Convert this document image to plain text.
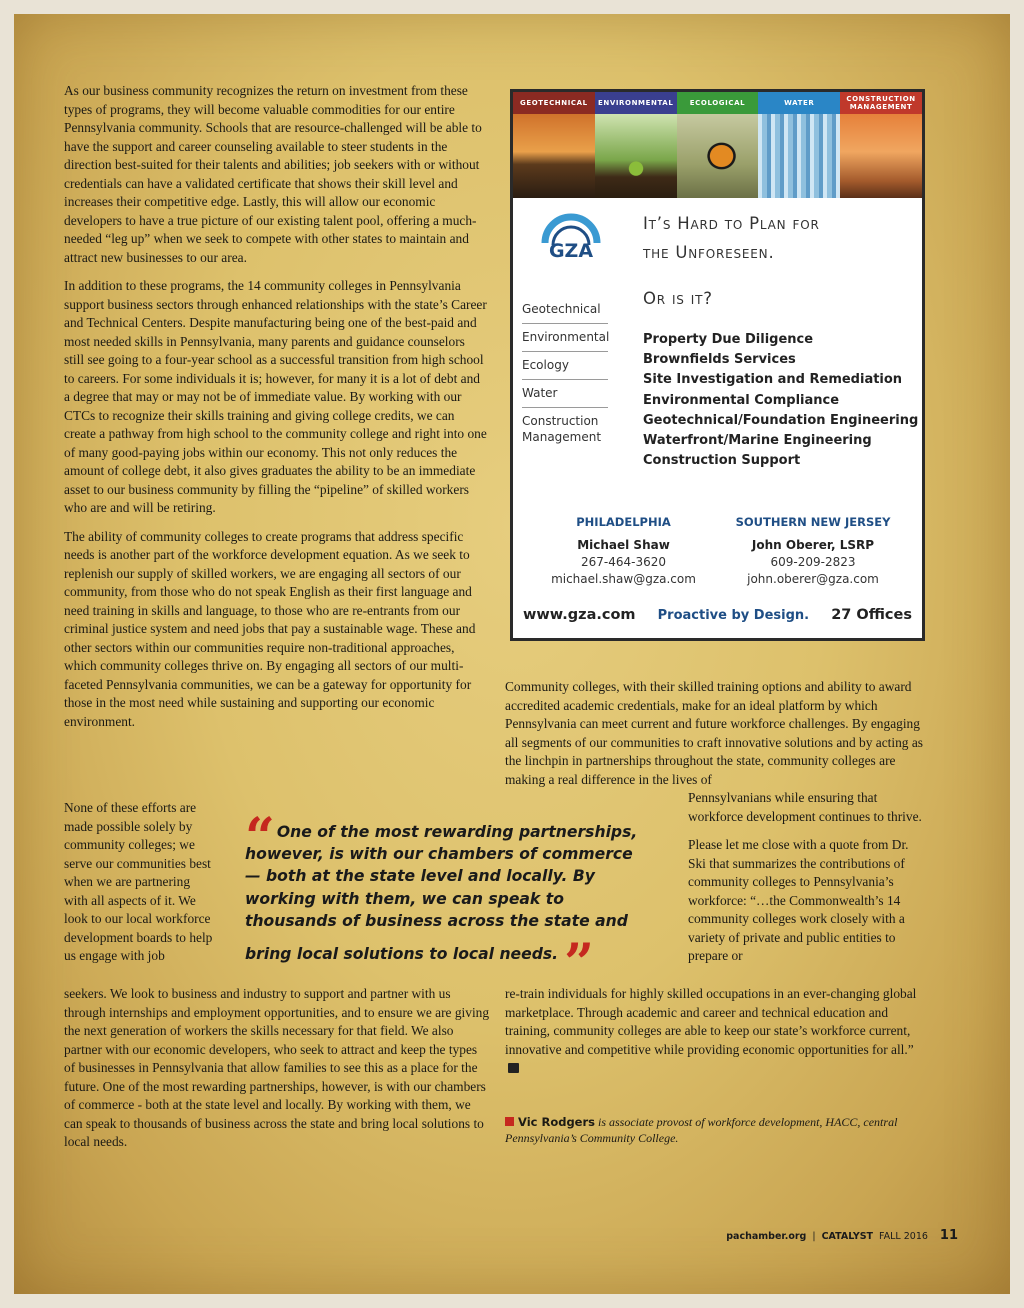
As our business community recognizes the return on investment from these types of programs, they will become valuable commodities for our entire Pennsylvania community. Schools that are resource-challenged will be able to have the support and career counseling available to steer students in the direction best-suited for their talents and abilities; job seekers with or without credentials can have a validated certificate that shows their skill level and increases their competitive edge. Lastly, this will allow our economic developers to have a true picture of our existing talent pool, offering a much-needed “leg up” when we seek to compete with other states to maintain and attract new businesses to our area.

In addition to these programs, the 14 community colleges in Pennsylvania support business sectors through enhanced relationships with the state’s Career and Technical Centers. Despite manufacturing being one of the best-paid and most needed skills in Pennsylvania, many parents and guidance counselors still see going to a four-year school as a successful transition from high school to careers. For some individuals it is; however, for many it is a lot of debt and a degree that may or may not be of immediate value. By working with our CTCs to recognize their skills training and giving college credits, we can create a pathway from high school to the community college and right into one of many good-paying jobs within our economy. This not only reduces the amount of college debt, it also gives graduates the ability to be an immediate asset to our business community by filling the “pipeline” of skilled workers who are and will be retiring.

The ability of community colleges to create programs that address specific needs is another part of the workforce development equation. As we seek to replenish our supply of skilled workers, we are engaging all sectors of our community, from those who do not speak English as their first language and need training in skills and language, to those who are re-entrants from our criminal justice system and need jobs that pay a sustainable wage. These and other sectors within our communities require non-traditional approaches, which community colleges thrive on. By engaging all sectors of our multi-faceted Pennsylvania communities, we can be a gateway for opportunity for those in the most need while sustaining and supporting our economic environment.

None of these efforts are made possible solely by community colleges; we serve our communities best when we are partnering with all aspects of it. We look to our local workforce development boards to help us engage with job

seekers. We look to business and industry to support and partner with us through internships and employment opportunities, and to ensure we are giving the next generation of workers the skills necessary for that field. We also partner with our economic developers, who seek to attract and keep the types of businesses in Pennsylvania that allow families to see this as a place for the future. One of the most rewarding partnerships, however, is with our chambers of commerce - both at the state level and locally. By working with them, we can speak to thousands of business across the state and bring local solutions to local needs.

Community colleges, with their skilled training options and ability to award accredited academic credentials, make for an ideal platform by which Pennsylvania can meet current and future workforce challenges. By engaging all segments of our communities to craft innovative solutions and by acting as the linchpin in partnerships throughout the state, community colleges are making a real difference in the lives of

Pennsylvanians while ensuring that workforce development continues to thrive.

Please let me close with a quote from Dr. Ski that summarizes the contributions of community colleges to Pennsylvania’s workforce: “…the Commonwealth’s 14 community colleges work closely with a variety of private and public entities to prepare or

re-train individuals for highly skilled occupations in an ever-changing global marketplace. Through academic and career and technical education and training, community colleges are able to keep our state’s workforce current, innovative and competitive while providing economic opportunities for all.”

“ One of the most rewarding partnerships, however, is with our chambers of commerce — both at the state level and locally. By working with them, we can speak to thousands of business across the state and bring local solutions to local needs. ”
Vic Rodgers is associate provost of workforce development, HACC, central Pennsylvania’s Community College.
GEOTECHNICAL	ENVIRONMENTAL	ECOLOGICAL	WATER	CONSTRUCTION MANAGEMENT
GZA
It’s Hard to Plan for
the Unforeseen.
Or is it?
Geotechnical
Environmental
Ecology
Water
Construction Management
Property Due Diligence
Brownfields Services
Site Investigation and Remediation
Environmental Compliance
Geotechnical/Foundation Engineering
Waterfront/Marine Engineering
Construction Support
PHILADELPHIA
Michael Shaw
267-464-3620
michael.shaw@gza.com
SOUTHERN NEW JERSEY
John Oberer, LSRP
609-209-2823
john.oberer@gza.com
www.gza.com Proactive by Design. 27 Offices
pachamber.org | CATALYST FALL 2016 11
